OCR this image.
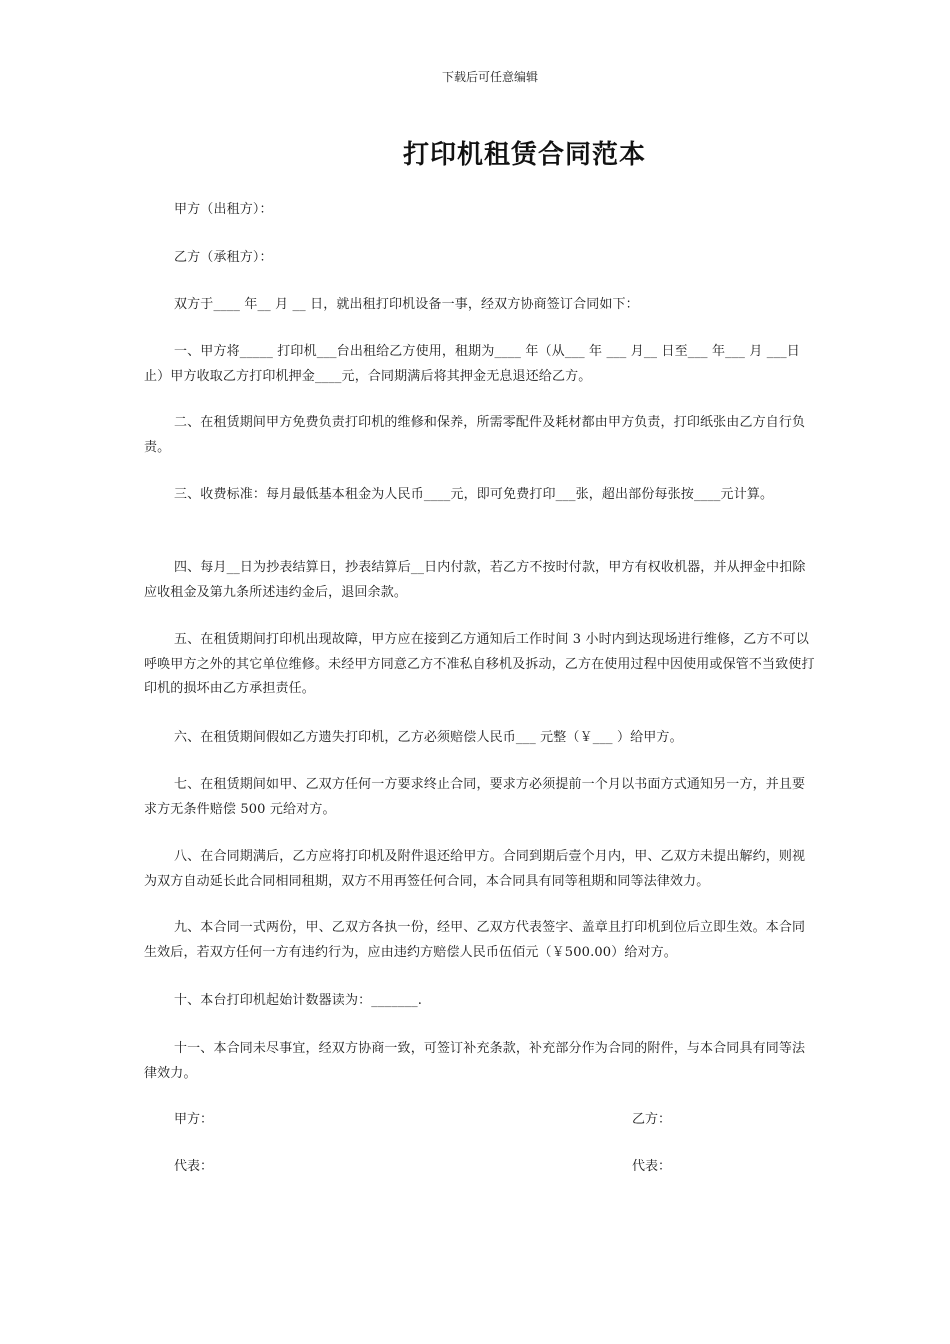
下载后可任意编辑
打印机租赁合同范本
甲方（出租方）：
乙方（承租方）：
双方于____ 年__ 月 __ 日，就出租打印机设备一事，经双方协商签订合同如下：
一、甲方将_____ 打印机___台出租给乙方使用，租期为____ 年（从___ 年 ___ 月__ 日至___ 年___ 月 ___日止）甲方收取乙方打印机押金____元，合同期满后将其押金无息退还给乙方。
二、在租赁期间甲方免费负责打印机的维修和保养，所需零配件及耗材都由甲方负责，打印纸张由乙方自行负责。
三、收费标准：每月最低基本租金为人民币____元，即可免费打印___张，超出部份每张按____元计算。
四、每月__日为抄表结算日，抄表结算后__日内付款，若乙方不按时付款，甲方有权收机器，并从押金中扣除应收租金及第九条所述违约金后，退回余款。
五、在租赁期间打印机出现故障，甲方应在接到乙方通知后工作时间 3 小时内到达现场进行维修，乙方不可以呼唤甲方之外的其它单位维修。未经甲方同意乙方不准私自移机及拆动，乙方在使用过程中因使用或保管不当致使打印机的损坏由乙方承担责任。
六、在租赁期间假如乙方遗失打印机，乙方必须赔偿人民币___ 元整（￥___ ）给甲方。
七、在租赁期间如甲、乙双方任何一方要求终止合同，要求方必须提前一个月以书面方式通知另一方，并且要求方无条件赔偿 500 元给对方。
八、在合同期满后，乙方应将打印机及附件退还给甲方。合同到期后壹个月内，甲、乙双方未提出解约，则视为双方自动延长此合同相同租期，双方不用再签任何合同，本合同具有同等租期和同等法律效力。
九、本合同一式两份，甲、乙双方各执一份，经甲、乙双方代表签字、盖章且打印机到位后立即生效。本合同生效后，若双方任何一方有违约行为，应由违约方赔偿人民币伍佰元（￥500.00）给对方。
十、本台打印机起始计数器读为：_______.
十一、本合同未尽事宜，经双方协商一致，可签订补充条款，补充部分作为合同的附件，与本合同具有同等法律效力。
甲方：	乙方：
代表：	代表：
